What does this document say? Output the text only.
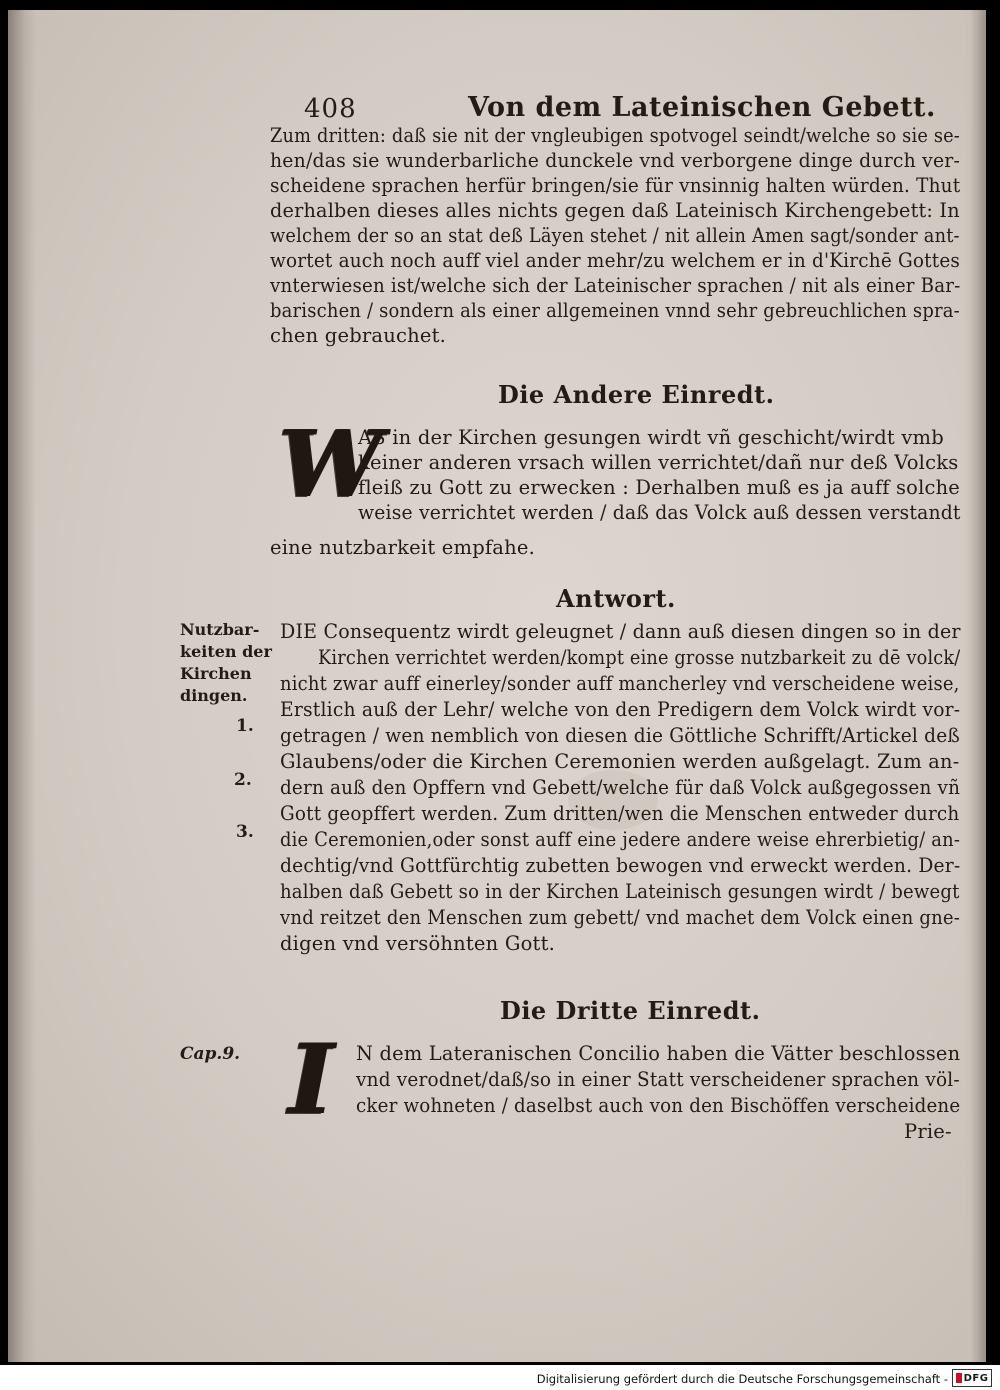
408	Von dem Lateinischen Gebett.
Zum dritten: daß sie nit der vngleubigen spotvogel seindt/welche so sie se-
hen/das sie wunderbarliche dunckele vnd verborgene dinge durch ver-
scheidene sprachen herfür bringen/sie für vnsinnig halten würden. Thut
derhalben dieses alles nichts gegen daß Lateinisch Kirchengebett: In
welchem der so an stat deß Läyen stehet / nit allein Amen sagt/sonder ant-
wortet auch noch auff viel ander mehr/zu welchem er in d'Kirchē Gottes
vnterwiesen ist/welche sich der Lateinischer sprachen / nit als einer Bar-
barischen / sondern als einer allgemeinen vnnd sehr gebreuchlichen spra-
chen gebrauchet.
Die Andere Einredt.
W
AS in der Kirchen gesungen wirdt vñ geschicht/wirdt vmb
keiner anderen vrsach willen verrichtet/dañ nur deß Volcks
fleiß zu Gott zu erwecken : Derhalben muß es ja auff solche
weise verrichtet werden / daß das Volck auß dessen verstandt
eine nutzbarkeit empfahe.
Antwort.
Nutzbar-
keiten der
Kirchen
dingen.
1.
2.
3.
DIE Consequentz wirdt geleugnet / dann auß diesen dingen so in der
Kirchen verrichtet werden/kompt eine grosse nutzbarkeit zu dē volck/
nicht zwar auff einerley/sonder auff mancherley vnd verscheidene weise,
Erstlich auß der Lehr/ welche von den Predigern dem Volck wirdt vor-
getragen / wen nemblich von diesen die Göttliche Schrifft/Artickel deß
Glaubens/oder die Kirchen Ceremonien werden außgelagt. Zum an-
dern auß den Opffern vnd Gebett/welche für daß Volck außgegossen vñ
Gott geopffert werden. Zum dritten/wen die Menschen entweder durch
die Ceremonien,oder sonst auff eine jedere andere weise ehrerbietig/ an-
dechtig/vnd Gottfürchtig zubetten bewogen vnd erweckt werden. Der-
halben daß Gebett so in der Kirchen Lateinisch gesungen wirdt / bewegt
vnd reitzet den Menschen zum gebett/ vnd machet dem Volck einen gne-
digen vnd versöhnten Gott.
Die Dritte Einredt.
Cap.9. I N dem Lateranischen Concilio haben die Vätter beschlossen
vnd verodnet/daß/so in einer Statt verscheidener sprachen völ-
cker wohneten / daselbst auch von den Bischöffen verscheidene
Prie-
Digitalisierung gefördert durch die Deutsche Forschungsgemeinschaft - DFG
